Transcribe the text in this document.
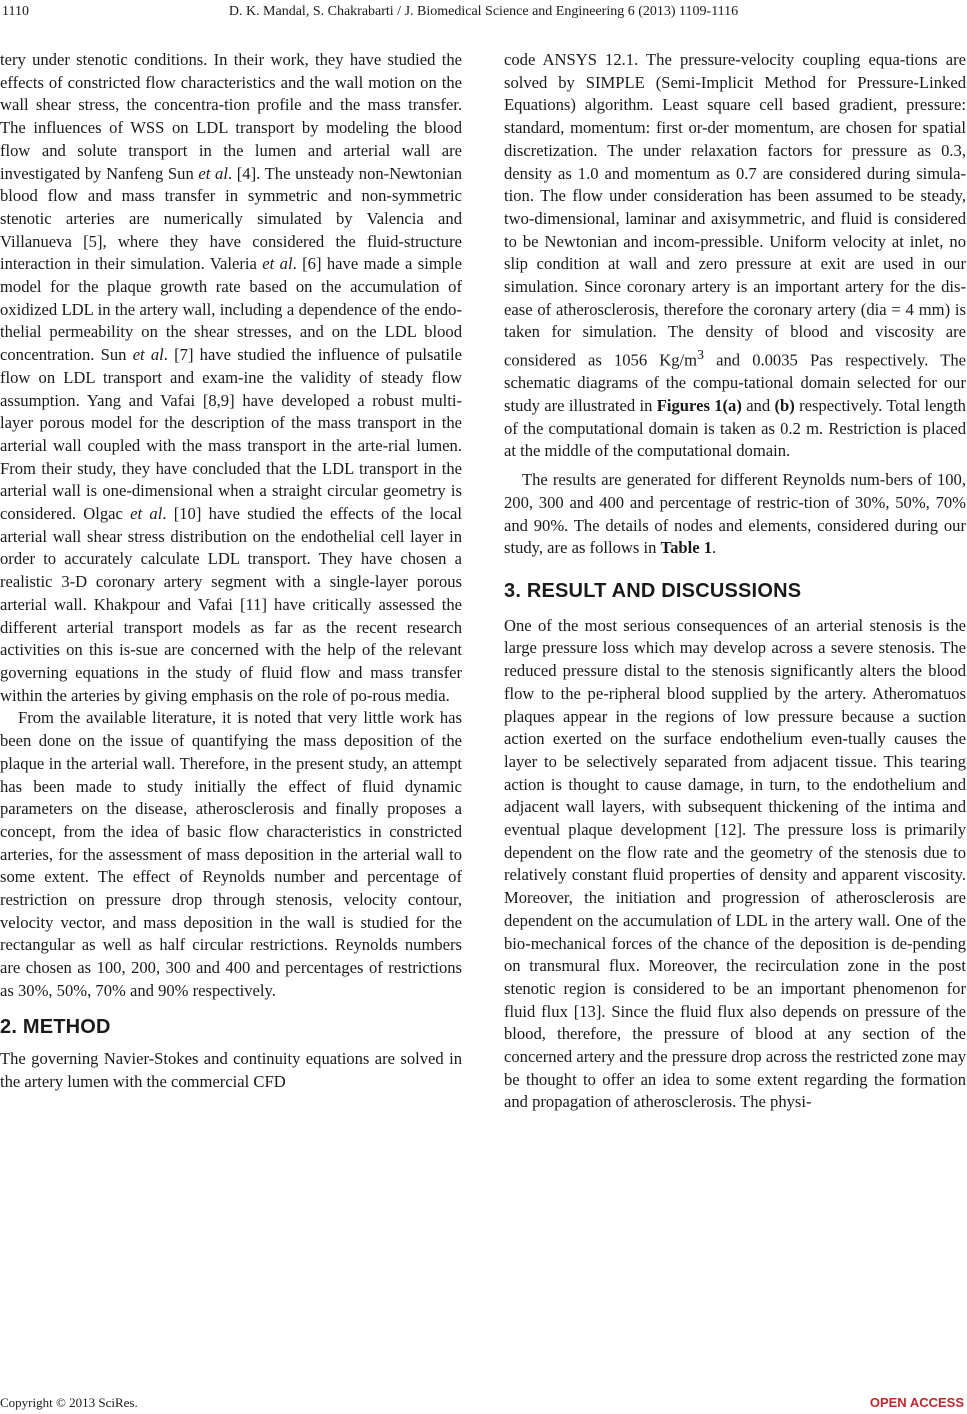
1110	D. K. Mandal, S. Chakrabarti / J. Biomedical Science and Engineering 6 (2013) 1109-1116

tery under stenotic conditions. In their work, they have studied the effects of constricted flow characteristics and the wall motion on the wall shear stress, the concentra-tion profile and the mass transfer. The influences of WSS on LDL transport by modeling the blood flow and solute transport in the lumen and arterial wall are investigated by Nanfeng Sun et al. [4]. The unsteady non-Newtonian blood flow and mass transfer in symmetric and non-symmetric stenotic arteries are numerically simulated by Valencia and Villanueva [5], where they have considered the fluid-structure interaction in their simulation. Valeria et al. [6] have made a simple model for the plaque growth rate based on the accumulation of oxidized LDL in the artery wall, including a dependence of the endo-thelial permeability on the shear stresses, and on the LDL blood concentration. Sun et al. [7] have studied the influence of pulsatile flow on LDL transport and exam-ine the validity of steady flow assumption. Yang and Vafai [8,9] have developed a robust multi-layer porous model for the description of the mass transport in the arterial wall coupled with the mass transport in the arte-rial lumen. From their study, they have concluded that the LDL transport in the arterial wall is one-dimensional when a straight circular geometry is considered. Olgac et al. [10] have studied the effects of the local arterial wall shear stress distribution on the endothelial cell layer in order to accurately calculate LDL transport. They have chosen a realistic 3-D coronary artery segment with a single-layer porous arterial wall. Khakpour and Vafai [11] have critically assessed the different arterial transport models as far as the recent research activities on this is-sue are concerned with the help of the relevant governing equations in the study of fluid flow and mass transfer within the arteries by giving emphasis on the role of po-rous media.

From the available literature, it is noted that very little work has been done on the issue of quantifying the mass deposition of the plaque in the arterial wall. Therefore, in the present study, an attempt has been made to study initially the effect of fluid dynamic parameters on the disease, atherosclerosis and finally proposes a concept, from the idea of basic flow characteristics in constricted arteries, for the assessment of mass deposition in the arterial wall to some extent. The effect of Reynolds number and percentage of restriction on pressure drop through stenosis, velocity contour, velocity vector, and mass deposition in the wall is studied for the rectangular as well as half circular restrictions. Reynolds numbers are chosen as 100, 200, 300 and 400 and percentages of restrictions as 30%, 50%, 70% and 90% respectively.

2. METHOD

The governing Navier-Stokes and continuity equations are solved in the artery lumen with the commercial CFD

code ANSYS 12.1. The pressure-velocity coupling equa-tions are solved by SIMPLE (Semi-Implicit Method for Pressure-Linked Equations) algorithm. Least square cell based gradient, pressure: standard, momentum: first or-der momentum, are chosen for spatial discretization. The under relaxation factors for pressure as 0.3, density as 1.0 and momentum as 0.7 are considered during simula-tion. The flow under consideration has been assumed to be steady, two-dimensional, laminar and axisymmetric, and fluid is considered to be Newtonian and incom-pressible. Uniform velocity at inlet, no slip condition at wall and zero pressure at exit are used in our simulation. Since coronary artery is an important artery for the dis-ease of atherosclerosis, therefore the coronary artery (dia = 4 mm) is taken for simulation. The density of blood and viscosity are considered as 1056 $Kg/m^3$ and 0.0035 Pas respectively. The schematic diagrams of the compu-tational domain selected for our study are illustrated in Figures 1(a) and (b) respectively. Total length of the computational domain is taken as 0.2 m. Restriction is placed at the middle of the computational domain.

The results are generated for different Reynolds num-bers of 100, 200, 300 and 400 and percentage of restric-tion of 30%, 50%, 70% and 90%. The details of nodes and elements, considered during our study, are as follows in Table 1.

3. RESULT AND DISCUSSIONS

One of the most serious consequences of an arterial stenosis is the large pressure loss which may develop across a severe stenosis. The reduced pressure distal to the stenosis significantly alters the blood flow to the pe-ripheral blood supplied by the artery. Atheromatuos plaques appear in the regions of low pressure because a suction action exerted on the surface endothelium even-tually causes the layer to be selectively separated from adjacent tissue. This tearing action is thought to cause damage, in turn, to the endothelium and adjacent wall layers, with subsequent thickening of the intima and eventual plaque development [12]. The pressure loss is primarily dependent on the flow rate and the geometry of the stenosis due to relatively constant fluid properties of density and apparent viscosity. Moreover, the initiation and progression of atherosclerosis are dependent on the accumulation of LDL in the artery wall. One of the bio-mechanical forces of the chance of the deposition is de-pending on transmural flux. Moreover, the recirculation zone in the post stenotic region is considered to be an important phenomenon for fluid flux [13]. Since the fluid flux also depends on pressure of the blood, therefore, the pressure of blood at any section of the concerned artery and the pressure drop across the restricted zone may be thought to offer an idea to some extent regarding the formation and propagation of atherosclerosis. The physi-

Copyright © 2013 SciRes.	OPEN ACCESS
